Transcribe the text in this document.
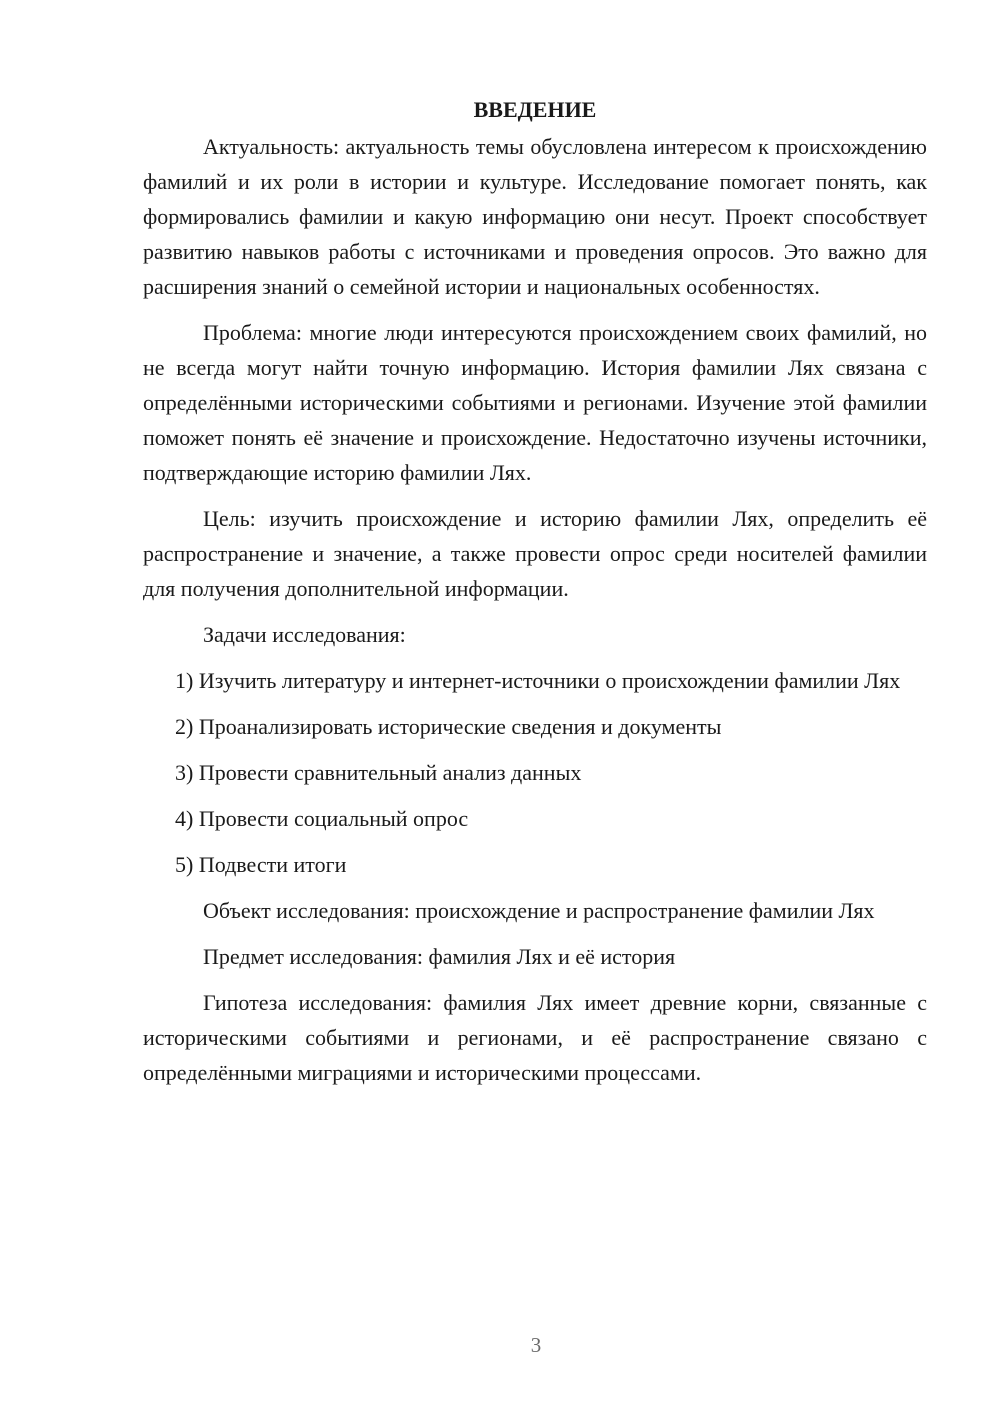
ВВЕДЕНИЕ

Актуальность: актуальность темы обусловлена интересом к происхождению фамилий и их роли в истории и культуре. Исследование помогает понять, как формировались фамилии и какую информацию они несут. Проект способствует развитию навыков работы с источниками и проведения опросов. Это важно для расширения знаний о семейной истории и национальных особенностях.

Проблема: многие люди интересуются происхождением своих фамилий, но не всегда могут найти точную информацию. История фамилии Лях связана с определёнными историческими событиями и регионами. Изучение этой фамилии поможет понять её значение и происхождение. Недостаточно изучены источники, подтверждающие историю фамилии Лях.

Цель: изучить происхождение и историю фамилии Лях, определить её распространение и значение, а также провести опрос среди носителей фамилии для получения дополнительной информации.

Задачи исследования:

1) Изучить литературу и интернет-источники о происхождении фамилии Лях

2) Проанализировать исторические сведения и документы

3) Провести сравнительный анализ данных

4) Провести социальный опрос

5) Подвести итоги

Объект исследования: происхождение и распространение фамилии Лях

Предмет исследования: фамилия Лях и её история

Гипотеза исследования: фамилия Лях имеет древние корни, связанные с историческими событиями и регионами, и её распространение связано с определёнными миграциями и историческими процессами.

3
